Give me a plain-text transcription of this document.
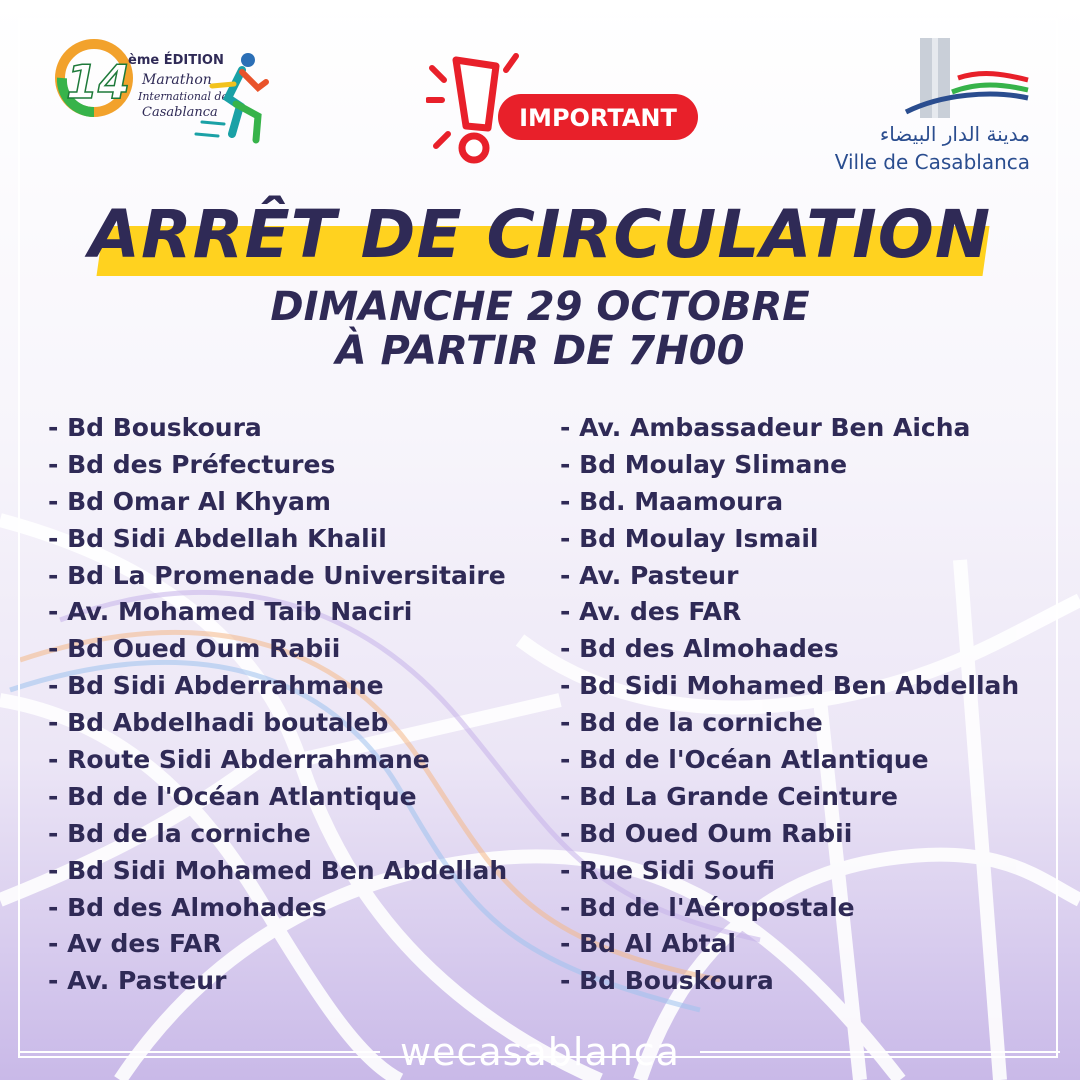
14
ème ÉDITION
Marathon
International de
Casablanca	IMPORTANT
مدينة الدار البيضاء
Ville de Casablanca
ARRÊT DE CIRCULATION
DIMANCHE 29 OCTOBRE
À PARTIR DE 7H00
- Bd Bouskoura
- Bd des Préfectures
- Bd Omar Al Khyam
- Bd Sidi Abdellah Khalil
- Bd La Promenade Universitaire
- Av. Mohamed Taib Naciri
- Bd Oued Oum Rabii
- Bd Sidi Abderrahmane
- Bd Abdelhadi boutaleb
- Route Sidi Abderrahmane
- Bd de l'Océan Atlantique
- Bd de la corniche
- Bd Sidi Mohamed Ben Abdellah
- Bd des Almohades
- Av des FAR
- Av. Pasteur
- Av. Ambassadeur Ben Aicha
- Bd Moulay Slimane
- Bd. Maamoura
- Bd Moulay Ismail
- Av. Pasteur
- Av. des FAR
- Bd des Almohades
- Bd Sidi Mohamed Ben Abdellah
- Bd de la corniche
- Bd de l'Océan Atlantique
- Bd La Grande Ceinture
- Bd Oued Oum Rabii
- Rue Sidi Soufi
- Bd de l'Aéropostale
- Bd Al Abtal
- Bd Bouskoura
wecasablanca
